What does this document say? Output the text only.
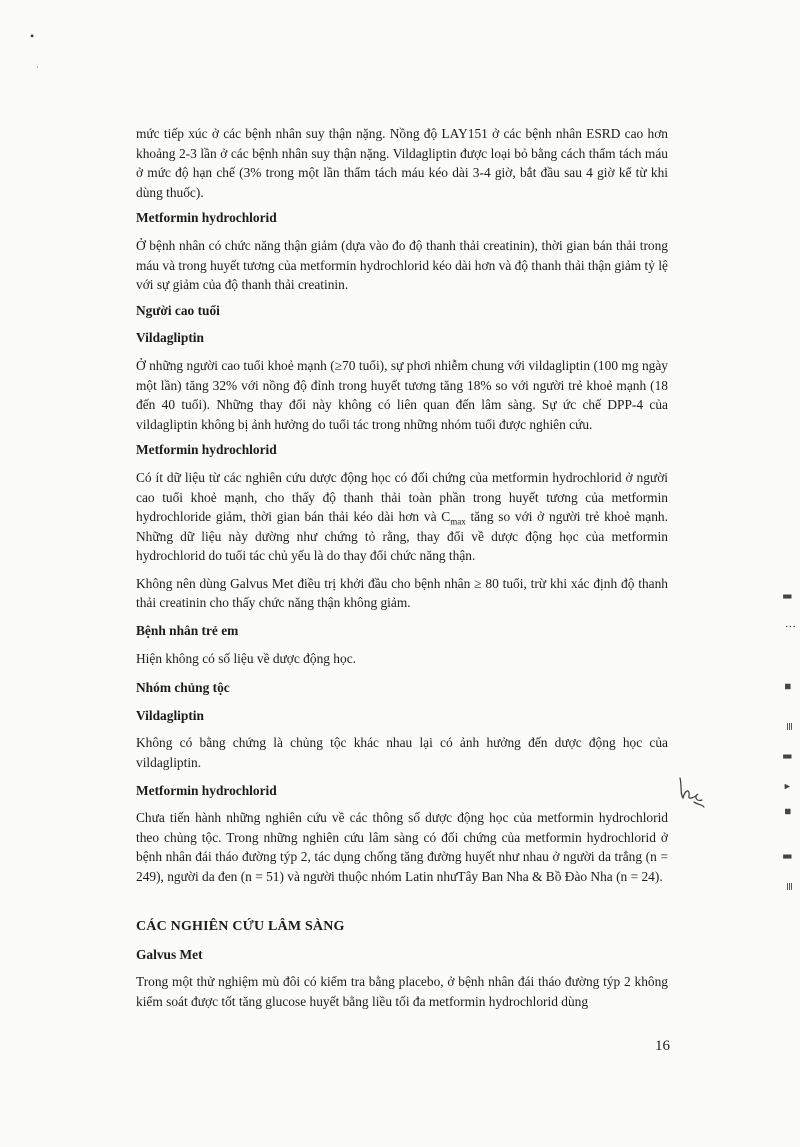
•
·

mức tiếp xúc ở các bệnh nhân suy thận nặng. Nồng độ LAY151 ở các bệnh nhân ESRD cao hơn khoảng 2-3 lần ở các bệnh nhân suy thận nặng. Vildagliptin được loại bỏ bằng cách thẩm tách máu ở mức độ hạn chế (3% trong một lần thẩm tách máu kéo dài 3-4 giờ, bắt đầu sau 4 giờ kể từ khi dùng thuốc).

Metformin hydrochlorid

Ở bệnh nhân có chức năng thận giảm (dựa vào đo độ thanh thải creatinin), thời gian bán thải trong máu và trong huyết tương của metformin hydrochlorid kéo dài hơn và độ thanh thải thận giảm tỷ lệ với sự giảm của độ thanh thải creatinin.

Người cao tuổi
Vildagliptin

Ở những người cao tuổi khoẻ mạnh (≥70 tuổi), sự phơi nhiễm chung với vildagliptin (100 mg ngày một lần) tăng 32% với nồng độ đỉnh trong huyết tương tăng 18% so với người trẻ khoẻ mạnh (18 đến 40 tuổi). Những thay đổi này không có liên quan đến lâm sàng. Sự ức chế DPP-4 của vildagliptin không bị ảnh hưởng do tuổi tác trong những nhóm tuổi được nghiên cứu.

Metformin hydrochlorid

Có ít dữ liệu từ các nghiên cứu dược động học có đối chứng của metformin hydrochlorid ở người cao tuổi khoẻ mạnh, cho thấy độ thanh thải toàn phần trong huyết tương của metformin hydrochloride giảm, thời gian bán thải kéo dài hơn và $C_{max}$ tăng so với ở người trẻ khoẻ mạnh. Những dữ liệu này dường như chứng tỏ rằng, thay đổi về dược động học của metformin hydrochlorid do tuổi tác chủ yếu là do thay đổi chức năng thận.

Không nên dùng Galvus Met điều trị khởi đầu cho bệnh nhân ≥ 80 tuổi, trừ khi xác định độ thanh thải creatinin cho thấy chức năng thận không giảm.

Bệnh nhân trẻ em

Hiện không có số liệu về dược động học.

Nhóm chủng tộc
Vildagliptin

Không có bằng chứng là chủng tộc khác nhau lại có ảnh hưởng đến dược động học của vildagliptin.

Metformin hydrochlorid

Chưa tiến hành những nghiên cứu về các thông số dược động học của metformin hydrochlorid theo chủng tộc. Trong những nghiên cứu lâm sàng có đối chứng của metformin hydrochlorid ở bệnh nhân đái tháo đường týp 2, tác dụng chống tăng đường huyết như nhau ở người da trắng (n = 249), người da đen (n = 51) và người thuộc nhóm Latin nhưTây Ban Nha & Bồ Đào Nha (n = 24).

CÁC NGHIÊN CỨU LÂM SÀNG
Galvus Met

Trong một thử nghiệm mù đôi có kiểm tra bằng placebo, ở bệnh nhân đái tháo đường týp 2 không kiểm soát được tốt tăng glucose huyết bằng liều tối đa metformin hydrochlorid dùng

▮
⋮
▪
≡
▮
▴
▪
▮
≡
16
